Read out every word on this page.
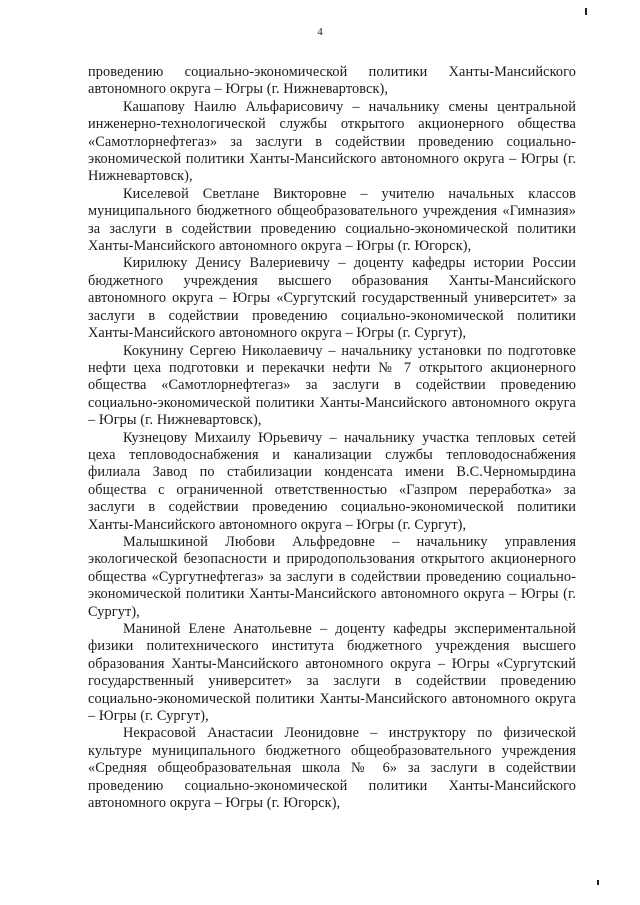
4

проведению социально-экономической политики Ханты-Мансийского автономного округа – Югры (г. Нижневартовск),

Кашапову Наилю Альфарисовичу – начальнику смены центральной инженерно-технологической службы открытого акционерного общества «Самотлорнефтегаз» за заслуги в содействии проведению социально-экономической политики Ханты-Мансийского автономного округа – Югры (г. Нижневартовск),

Киселевой Светлане Викторовне – учителю начальных классов муниципального бюджетного общеобразовательного учреждения «Гимназия» за заслуги в содействии проведению социально-экономической политики Ханты-Мансийского автономного округа – Югры (г. Югорск),

Кирилюку Денису Валериевичу – доценту кафедры истории России бюджетного учреждения высшего образования Ханты-Мансийского автономного округа – Югры «Сургутский государственный университет» за заслуги в содействии проведению социально-экономической политики Ханты-Мансийского автономного округа – Югры (г. Сургут),

Кокунину Сергею Николаевичу – начальнику установки по подготовке нефти цеха подготовки и перекачки нефти № 7 открытого акционерного общества «Самотлорнефтегаз» за заслуги в содействии проведению социально-экономической политики Ханты-Мансийского автономного округа – Югры (г. Нижневартовск),

Кузнецову Михаилу Юрьевичу – начальнику участка тепловых сетей цеха тепловодоснабжения и канализации службы тепловодоснабжения филиала Завод по стабилизации конденсата имени В.С.Черномырдина общества с ограниченной ответственностью «Газпром переработка» за заслуги в содействии проведению социально-экономической политики Ханты-Мансийского автономного округа – Югры (г. Сургут),

Малышкиной Любови Альфредовне – начальнику управления экологической безопасности и природопользования открытого акционерного общества «Сургутнефтегаз» за заслуги в содействии проведению социально-экономической политики Ханты-Мансийского автономного округа – Югры (г. Сургут),

Маниной Елене Анатольевне – доценту кафедры экспериментальной физики политехнического института бюджетного учреждения высшего образования Ханты-Мансийского автономного округа – Югры «Сургутский государственный университет» за заслуги в содействии проведению социально-экономической политики Ханты-Мансийского автономного округа – Югры (г. Сургут),

Некрасовой Анастасии Леонидовне – инструктору по физической культуре муниципального бюджетного общеобразовательного учреждения «Средняя общеобразовательная школа № 6» за заслуги в содействии проведению социально-экономической политики Ханты-Мансийского автономного округа – Югры (г. Югорск),
